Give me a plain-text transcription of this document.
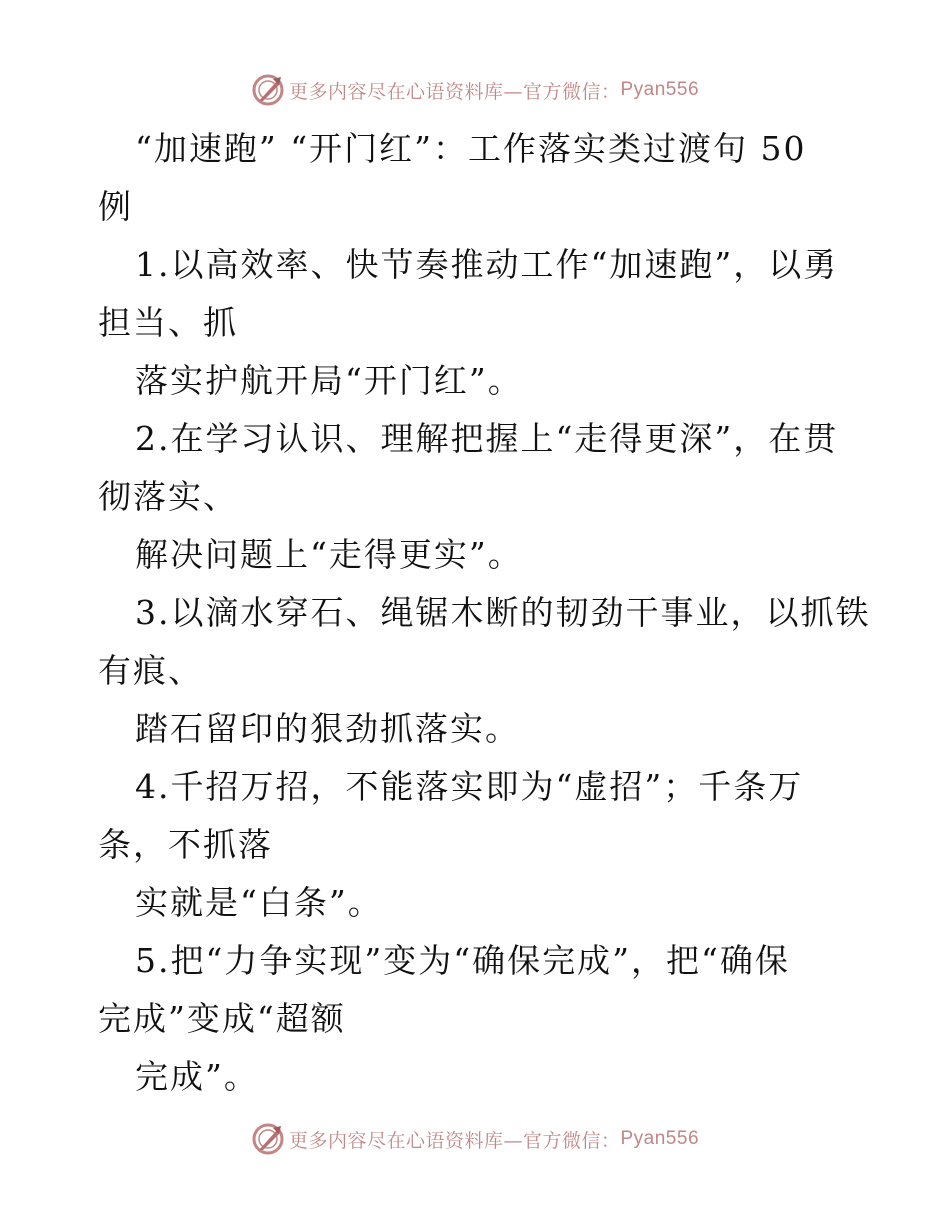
更多内容尽在心语资料库—官方微信： Pyan556
“加速跑” “开门红”：工作落实类过渡句 50
例
1.以高效率、快节奏推动工作“加速跑”，以勇
担当、抓
落实护航开局“开门红”。
2.在学习认识、理解把握上“走得更深”，在贯
彻落实、
解决问题上“走得更实”。
3.以滴水穿石、绳锯木断的韧劲干事业，以抓铁
有痕、
踏石留印的狠劲抓落实。
4.千招万招，不能落实即为“虚招”；千条万
条，不抓落
实就是“白条”。
5.把“力争实现”变为“确保完成”，把“确保
完成”变成“超额
完成”。
更多内容尽在心语资料库—官方微信： Pyan556
